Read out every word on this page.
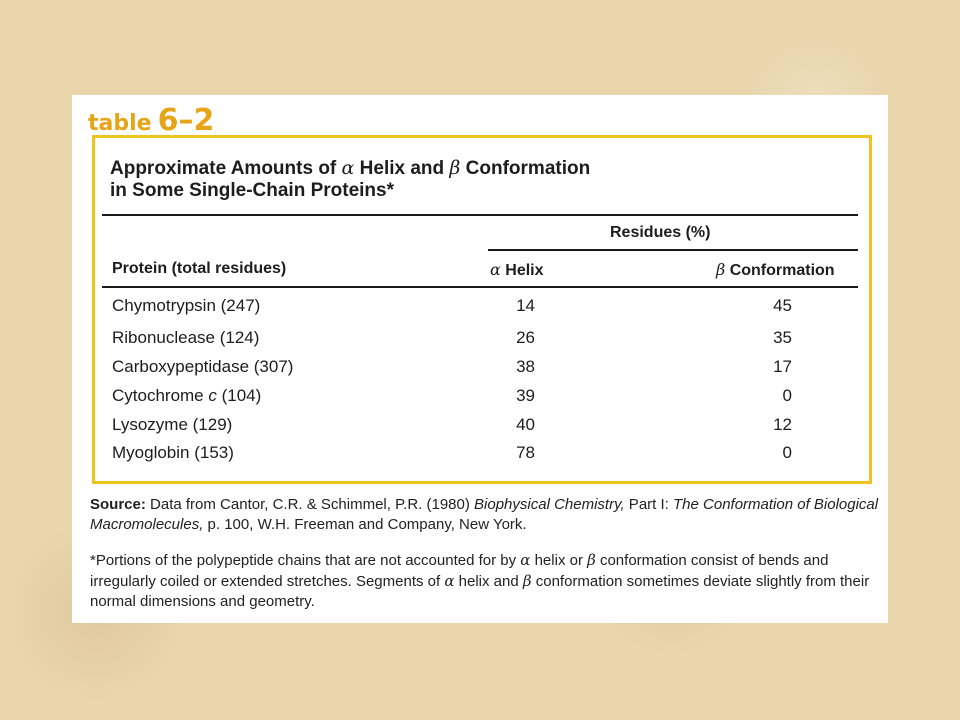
table 6–2
Approximate Amounts of α Helix and β Conformation
in Some Single-Chain Proteins*
Residues (%)
Protein (total residues)	α Helix	β Conformation
Chymotrypsin (247)	14	45
Ribonuclease (124)	26	35
Carboxypeptidase (307)	38	17
Cytochrome c (104)	39	0
Lysozyme (129)	40	12
Myoglobin (153)	78	0
Source: Data from Cantor, C.R. & Schimmel, P.R. (1980) Biophysical Chemistry, Part I: The Conformation of Biological Macromolecules, p. 100, W.H. Freeman and Company, New York.
*Portions of the polypeptide chains that are not accounted for by α helix or β conformation consist of bends and irregularly coiled or extended stretches. Segments of α helix and β conformation sometimes deviate slightly from their normal dimensions and geometry.
